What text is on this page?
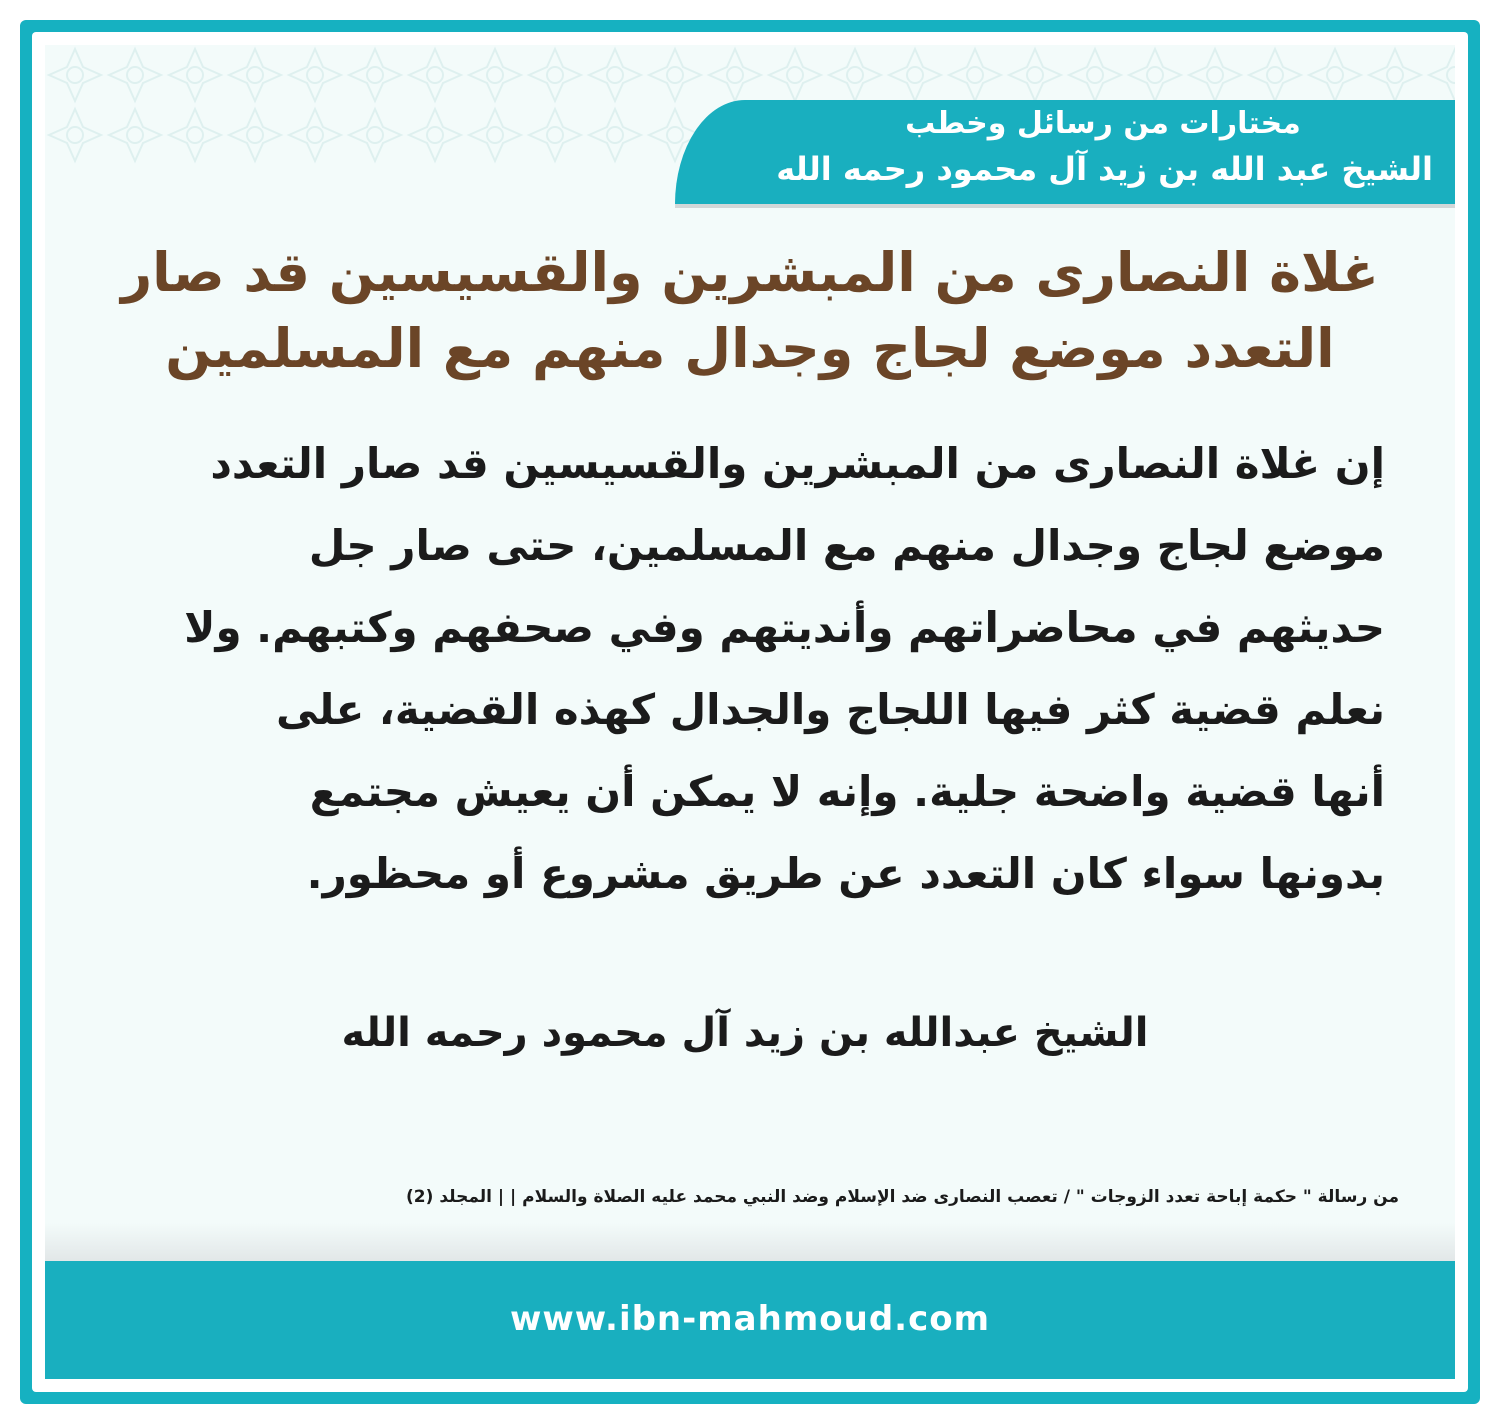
مختارات من رسائل وخطب
الشيخ عبد الله بن زيد آل محمود رحمه الله
غلاة النصارى من المبشرين والقسيسين قد صار
التعدد موضع لجاج وجدال منهم مع المسلمين
إن غلاة النصارى من المبشرين والقسيسين قد صار التعدد
موضع لجاج وجدال منهم مع المسلمين، حتى صار جل
حديثهم في محاضراتهم وأنديتهم وفي صحفهم وكتبهم. ولا
نعلم قضية كثر فيها اللجاج والجدال كهذه القضية، على
أنها قضية واضحة جلية. وإنه لا يمكن أن يعيش مجتمع
بدونها سواء كان التعدد عن طريق مشروع أو محظور.
الشيخ عبدالله بن زيد آل محمود رحمه الله
من رسالة " حكمة إباحة تعدد الزوجات " / تعصب النصارى ضد الإسلام وضد النبي محمد عليه الصلاة والسلام | | المجلد (2)
www.ibn-mahmoud.com
